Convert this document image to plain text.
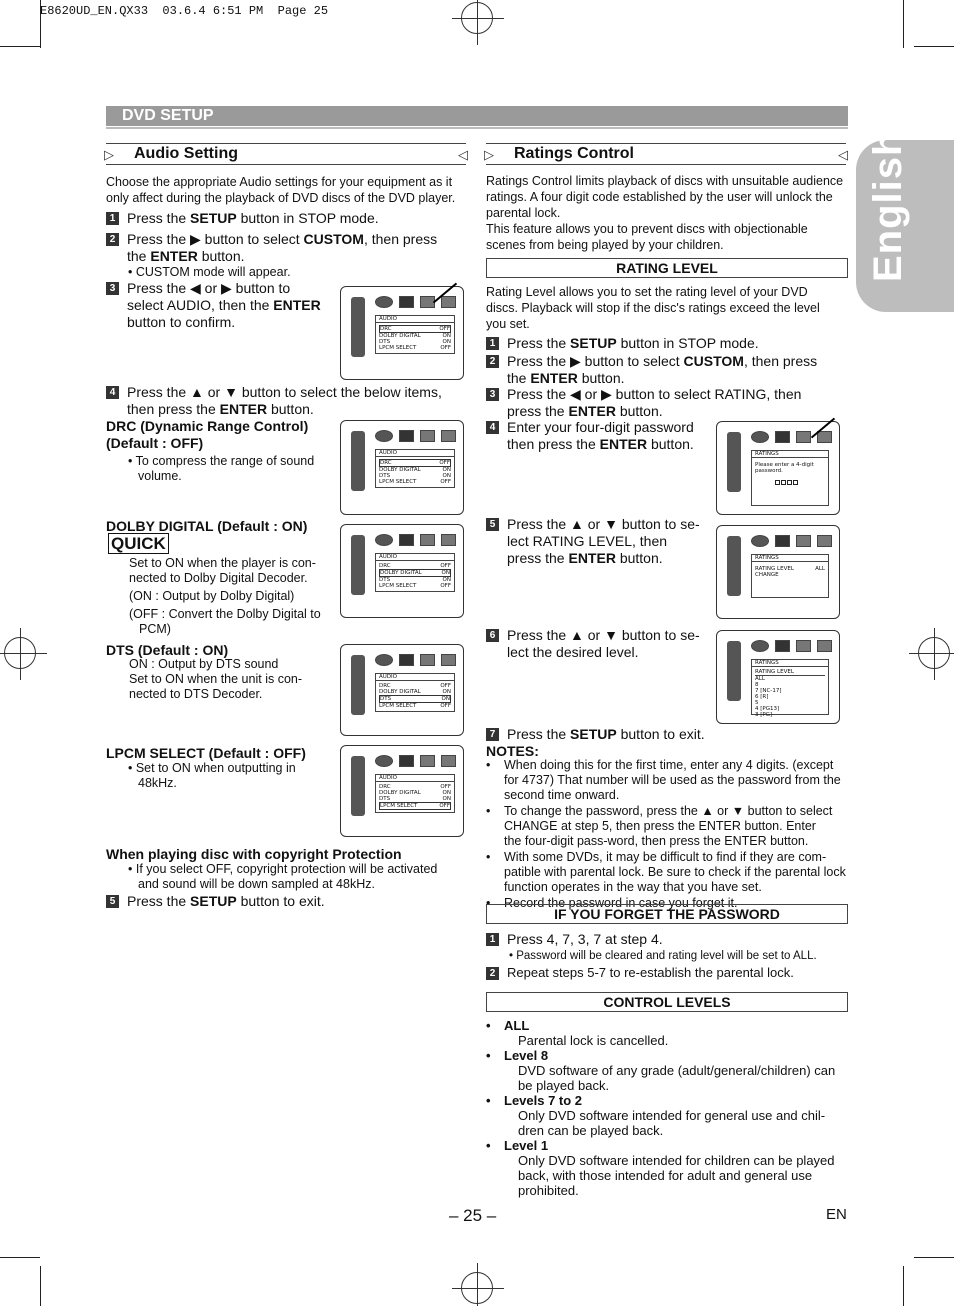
E8620UD_EN.QX33  03.6.4 6:51 PM  Page 25
DVD SETUP
English
▷ Audio Setting	◁
Choose the appropriate Audio settings for your equipment as it
only affect during the playback of DVD discs of the DVD player.
1 Press the SETUP button in STOP mode.
2 Press the ▶ button to select CUSTOM, then press
the ENTER button.
• CUSTOM mode will appear.
3 Press the ◀ or ▶ button to
select AUDIO, then the ENTER
button to confirm.
4 Press the ▲ or ▼ button to select the below items,
then press the ENTER button.
DRC (Dynamic Range Control)
(Default : OFF)
• To compress the range of sound
volume.
DOLBY DIGITAL (Default : ON)
QUICK
Set to ON when the player is con-
nected to Dolby Digital Decoder.
(ON : Output by Dolby Digital)
(OFF : Convert the Dolby Digital to
PCM)
DTS (Default : ON)
ON : Output by DTS sound
Set to ON when the unit is con-
nected to DTS Decoder.
LPCM SELECT (Default : OFF)
• Set to ON when outputting in
48kHz.
When playing disc with copyright Protection
• If you select OFF, copyright protection will be activated
and sound will be down sampled at 48kHz.
5 Press the SETUP button to exit.
AUDIO
DRC	OFF
DOLBY DIGITAL	ON
DTS	ON
LPCM SELECT	OFF
AUDIO
DRC	OFF
DOLBY DIGITAL	ON
DTS	ON
LPCM SELECT	OFF
AUDIO
DRC	OFF
DOLBY DIGITAL	ON
DTS	ON
LPCM SELECT	OFF
AUDIO
DRC	OFF
DOLBY DIGITAL	ON
DTS	ON
LPCM SELECT	OFF
AUDIO
DRC	OFF
DOLBY DIGITAL	ON
DTS	ON
LPCM SELECT	OFF
▷ Ratings Control	◁
Ratings Control limits playback of discs with unsuitable audience
ratings. A four digit code established by the user will unlock the
parental lock.
This feature allows you to prevent discs with objectionable
scenes from being played by your children.
RATING LEVEL
Rating Level allows you to set the rating level of your DVD
discs. Playback will stop if the disc's ratings exceed the level
you set.
1 Press the SETUP button in STOP mode.
2 Press the ▶ button to select CUSTOM, then press
the ENTER button.
3 Press the ◀ or ▶ button to select RATING, then
press the ENTER button.
4 Enter your four-digit password
then press the ENTER button.
5 Press the ▲ or ▼ button to se-
lect RATING LEVEL, then
press the ENTER button.
6 Press the ▲ or ▼ button to se-
lect the desired level.
7 Press the SETUP button to exit.
NOTES:
• When doing this for the first time, enter any 4 digits. (except
for 4737) That number will be used as the password from the
second time onward.
• To change the password, press the ▲ or ▼ button to select
CHANGE at step 5, then press the ENTER button. Enter
the four-digit pass-word, then press the ENTER button.
• With some DVDs, it may be difficult to find if they are com-
patible with parental lock. Be sure to check if the parental lock
function operates in the way that you have set.
• Record the password in case you forget it.
IF YOU FORGET THE PASSWORD
1 Press 4, 7, 3, 7 at step 4.
• Password will be cleared and rating level will be set to ALL.
2 Repeat steps 5-7 to re-establish the parental lock.
CONTROL LEVELS
• ALL
Parental lock is cancelled.
• Level 8
DVD software of any grade (adult/general/children) can
be played back.
• Levels 7 to 2
Only DVD software intended for general use and chil-
dren can be played back.
• Level 1
Only DVD software intended for children can be played
back, with those intended for adult and general use
prohibited.
RATINGS
Please enter a 4-digit password.
RATINGS
RATING LEVEL	ALL
CHANGE
RATINGS
RATING LEVEL
ALL
8
7 [NC-17]
6 [R]
5
4 [PG13]
3 [PG]
– 25 –	EN
